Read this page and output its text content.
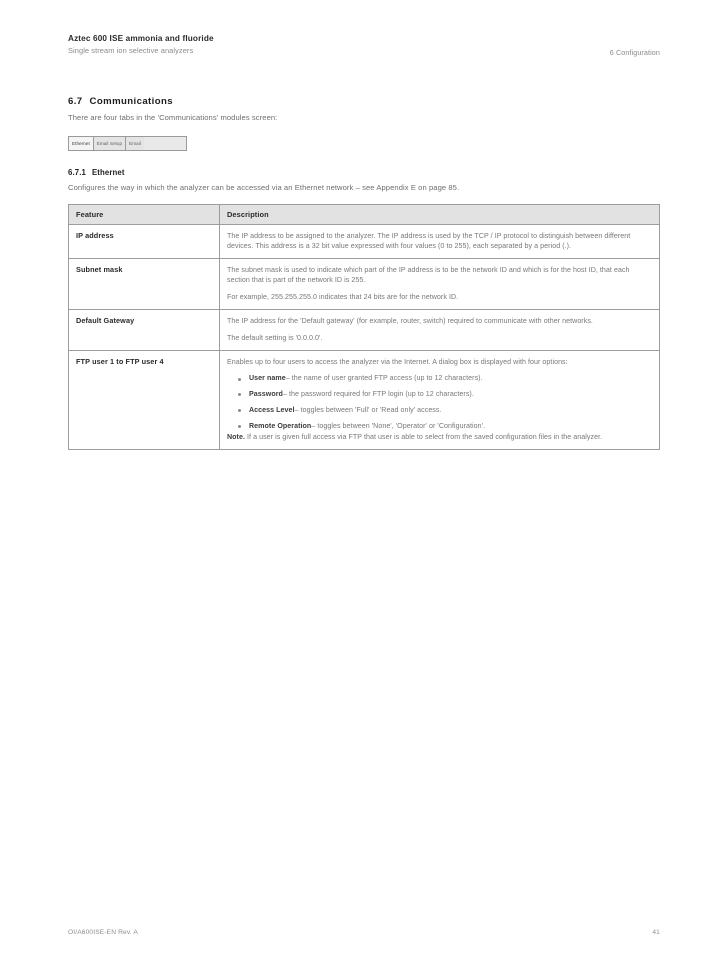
Aztec 600 ISE ammonia and fluoride
Single stream ion selective analyzers	6 Configuration
6.7 Communications
There are four tabs in the 'Communications' modules screen:
Ethernet	Email Setup	Email
6.7.1 Ethernet
Configures the way in which the analyzer can be accessed via an Ethernet network – see Appendix E on page 85.
Feature	Description
IP address	The IP address to be assigned to the analyzer. The IP address is used by the TCP / IP protocol to distinguish between different devices. This address is a 32 bit value expressed with four values (0 to 255), each separated by a period (.).

Subnet mask	The subnet mask is used to indicate which part of the IP address is to be the network ID and which is for the host ID, that each section that is part of the network ID is 255.

For example, 255.255.255.0 indicates that 24 bits are for the network ID.

Default Gateway	The IP address for the 'Default gateway' (for example, router, switch) required to communicate with other networks.

The default setting is '0.0.0.0'.

FTP user 1 to FTP user 4	Enables up to four users to access the analyzer via the Internet. A dialog box is displayed with four options:

User name– the name of user granted FTP access (up to 12 characters).
Password– the password required for FTP login (up to 12 characters).
Access Level– toggles between 'Full' or 'Read only' access.
Remote Operation– toggles between 'None', 'Operator' or 'Configuration'.

Note. If a user is given full access via FTP that user is able to select from the saved configuration files in the analyzer.

OI/A600ISE-EN Rev. A	41
